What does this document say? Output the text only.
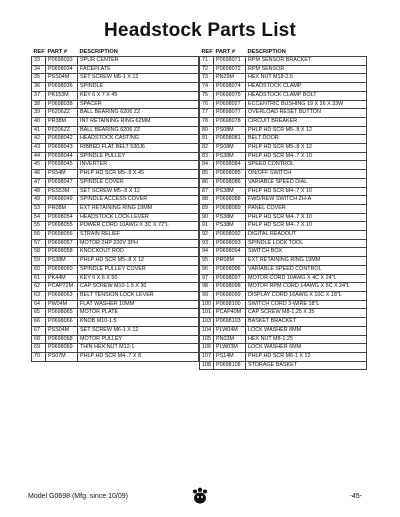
Headstock Parts List
REF	PART #	DESCRIPTION
33	P0698033	SPUR CENTER
34	P0698034	FACEPLATE
35	PSS04M	SET SCREW M6-1 X 12
36	P0698036	SPINDLE
37	PK153M	KEY 6 X 7 X 45
38	P0698038	SPACER
39	P6206ZZ	BALL BEARING 6206 ZZ
40	PR38M	INT RETAINING RING 62MM
41	P6206ZZ	BALL BEARING 6206 ZZ
42	P0698042	HEADSTOCK CASTING
43	P0698043	RIBBED FLAT BELT 530J6
44	P0698044	SPINDLE PULLEY
45	P0698045	INVERTER
46	PS54M	PHLP HD SCR M5-.8 X 45
47	P0698047	SPINDLE COVER
48	PSS53M	SET SCREW M5-.8 X 12
49	P0698049	SPINDLE ACCESS COVER
53	PR08M	EXT RETAINING RING 19MM
54	P0698054	HEADSTOCK LOCK LEVER
55	P0698055	POWER CORD 10AWG X 3C X 72"L
56	P0698056	STRAIN RELIEF
57	P0698057	MOTOR 2HP 220V 3PH
58	P0698058	KNOCKOUT ROD
59	PS38M	PHLP HD SCR M5-.8 X 12
60	P0698060	SPINDLE PULLEY COVER
61	PK44M	KEY 6 X 6 X 50
62	PCAP72M	CAP SCREW M10-1.5 X 30
63	P0698063	BELT TENSION LOCK LEVER
64	PW04M	FLAT WASHER 10MM
65	P0698065	MOTOR PLATE
66	P0698066	KNOB M10-1.5
67	PSS04M	SET SCREW M6-1 X 12
68	P0698068	MOTOR PULLEY
69	P0698069	THIN HEX NUT M12-1
70	PS07M	PHLP HD SCR M4-.7 X 8
REF	PART #	DESCRIPTION
71	P0698071	RPM SENSOR BRACKET
72	P0698072	RPM SENSOR
73	PN29M	HEX NUT M18-2.5
74	P0698074	HEADSTOCK CLAMP
75	P0698075	HEADSTOCK CLAMP BOLT
76	P0698027	ECCENTRIC BUSHING 19 X 26 X 33W
77	P0698077	OVERLOAD RESET BUTTON
78	P0698078	CIRCUIT BREAKER
80	PS08M	PHLP HD SCR M5-.8 X 12
81	P0698081	BELT DOOR
82	PS08M	PHLP HD SCR M5-.8 X 12
83	PS38M	PHLP HD SCR M4-.7 X 10
84	P0698084	SPEED CONTROL
85	P0698085	ON/OFF SWITCH
86	P0698086	VARIABLE SPEED DIAL
87	PS38M	PHLP HD SCR M4-.7 X 10
88	P0698088	FWD/REW SWITCH ZH-A
89	P0698089	PANEL COVER
90	PS38M	PHLP HD SCR M4-.7 X 10
91	PS38M	PHLP HD SCR M4-.7 X 10
92	P0698092	DIGITAL READOUT
93	P0698093	SPINDLE LOCK TOOL
94	P0698094	SWITCH BOX
95	PR08M	EXT RETAINING RING 19MM
96	P0698096	VARIABLE SPEED CONTROL
97	P0698097	MOTOR CORD 10AWG X 4C X 24"L
98	P0698098	MOTOR RPM CORD 14AWG X 5C X 24"L
99	P0698099	DISPLAY CORD 16AWG X 10C X 18"L
100	P0698100	SWITCH CORD 3-WIRE 18"L
101	PCAP40M	CAP SCREW M8-1.25 X 35
103	P0698103	BASKET BRACKET
104	PLW04M	LOCK WASHER 8MM
105	PN03M	HEX NUT M8-1.25
106	PLW03M	LOCK WASHER 6MM
107	PS14M	PHLP HD SCR M6-1 X 12
108	P0698108	STORAGE BASKET
Model G0698 (Mfg. since 10/09)	-45-
